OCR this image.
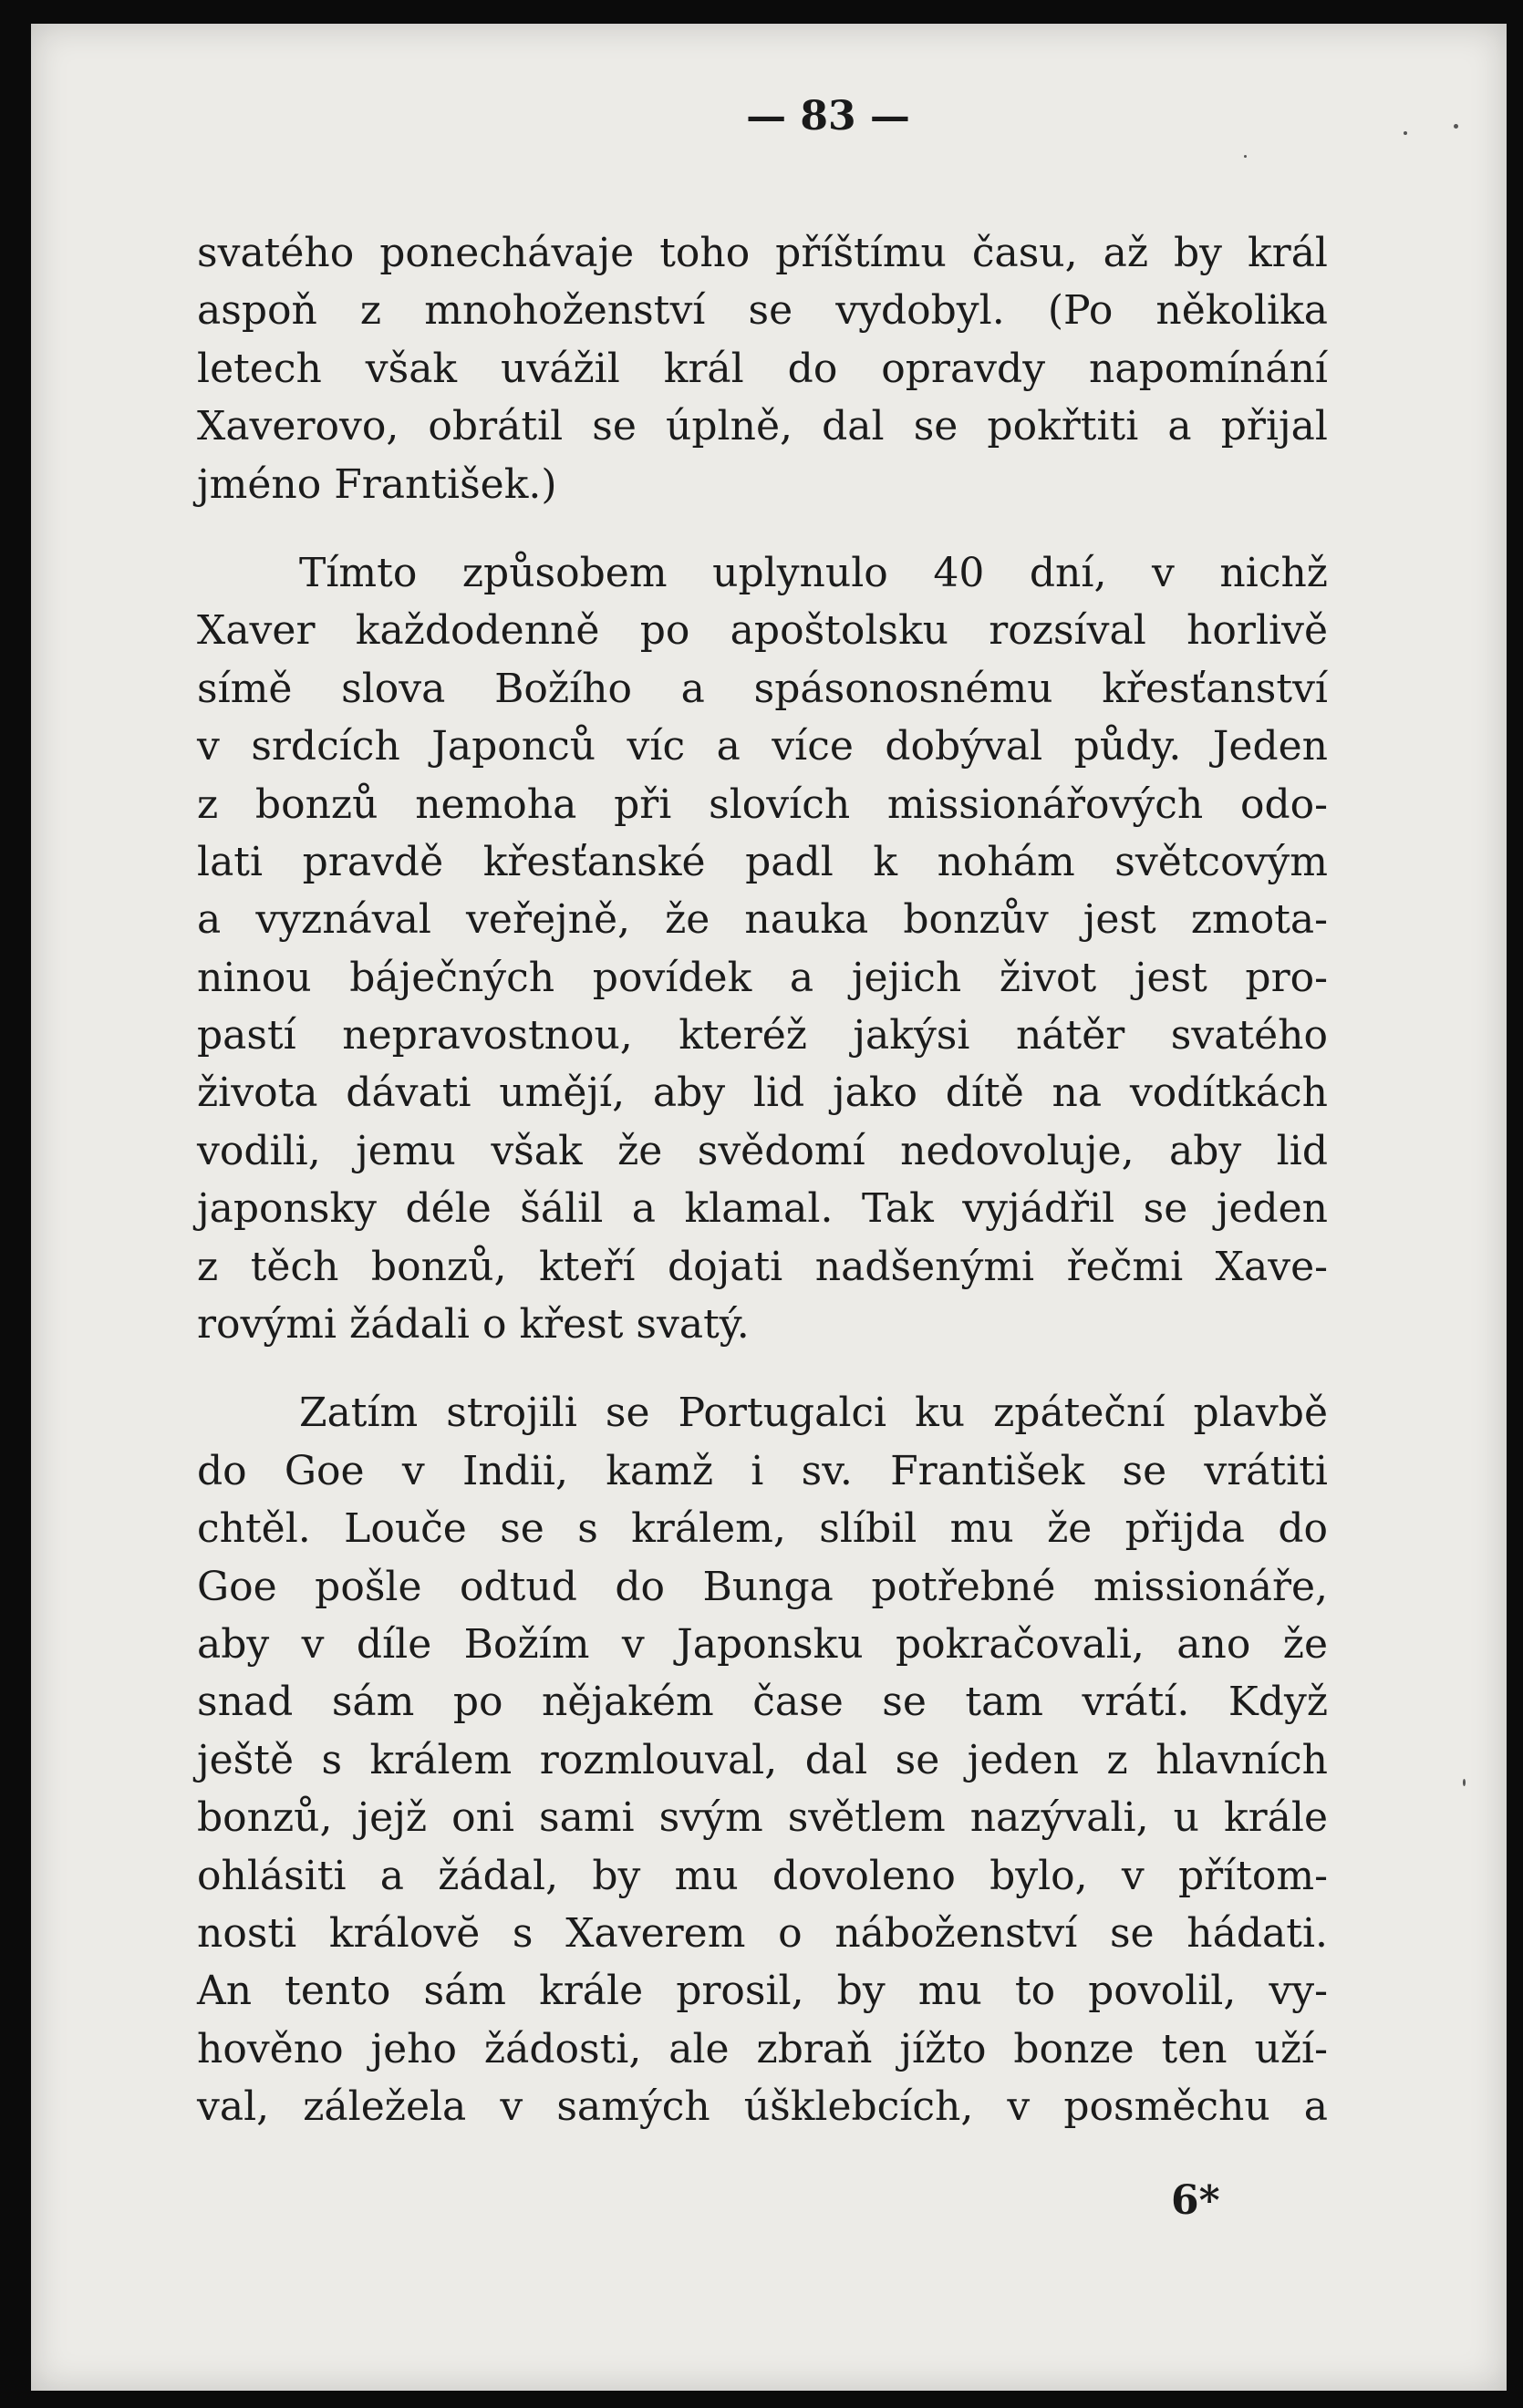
— 83 —
svatého ponechávaje toho příštímu času, až by král
aspoň z mnohoženství se vydobyl. (Po několika
letech však uvážil král do opravdy napomínání
Xaverovo, obrátil se úplně, dal se pokřtiti a přijal
jméno František.)
Tímto způsobem uplynulo 40 dní, v nichž
Xaver každodenně po apoštolsku rozsíval horlivě
símě slova Božího a spásonosnému křesťanství
v srdcích Japonců víc a více dobýval půdy. Jeden
z bonzů nemoha při slovích missionářových odo-
lati pravdě křesťanské padl k nohám světcovým
a vyznával veřejně, že nauka bonzův jest zmota-
ninou báječných povídek a jejich život jest pro-
pastí nepravostnou, kteréž jakýsi nátěr svatého
života dávati umějí, aby lid jako dítě na vodítkách
vodili, jemu však že svědomí nedovoluje, aby lid
japonsky déle šálil a klamal. Tak vyjádřil se jeden
z těch bonzů, kteří dojati nadšenými řečmi Xave-
rovými žádali o křest svatý.
Zatím strojili se Portugalci ku zpáteční plavbě
do Goe v Indii, kamž i sv. František se vrátiti
chtěl. Louče se s králem, slíbil mu že přijda do
Goe pošle odtud do Bunga potřebné missionáře,
aby v díle Božím v Japonsku pokračovali, ano že
snad sám po nějakém čase se tam vrátí. Když
ještě s králem rozmlouval, dal se jeden z hlavních
bonzů, jejž oni sami svým světlem nazývali, u krále
ohlásiti a žádal, by mu dovoleno bylo, v přítom-
nosti královĕ s Xaverem o náboženství se hádati.
An tento sám krále prosil, by mu to povolil, vy-
hověno jeho žádosti, ale zbraň jížto bonze ten uží-
val, záleželа v samých úšklebcích, v posměchu a
6*
